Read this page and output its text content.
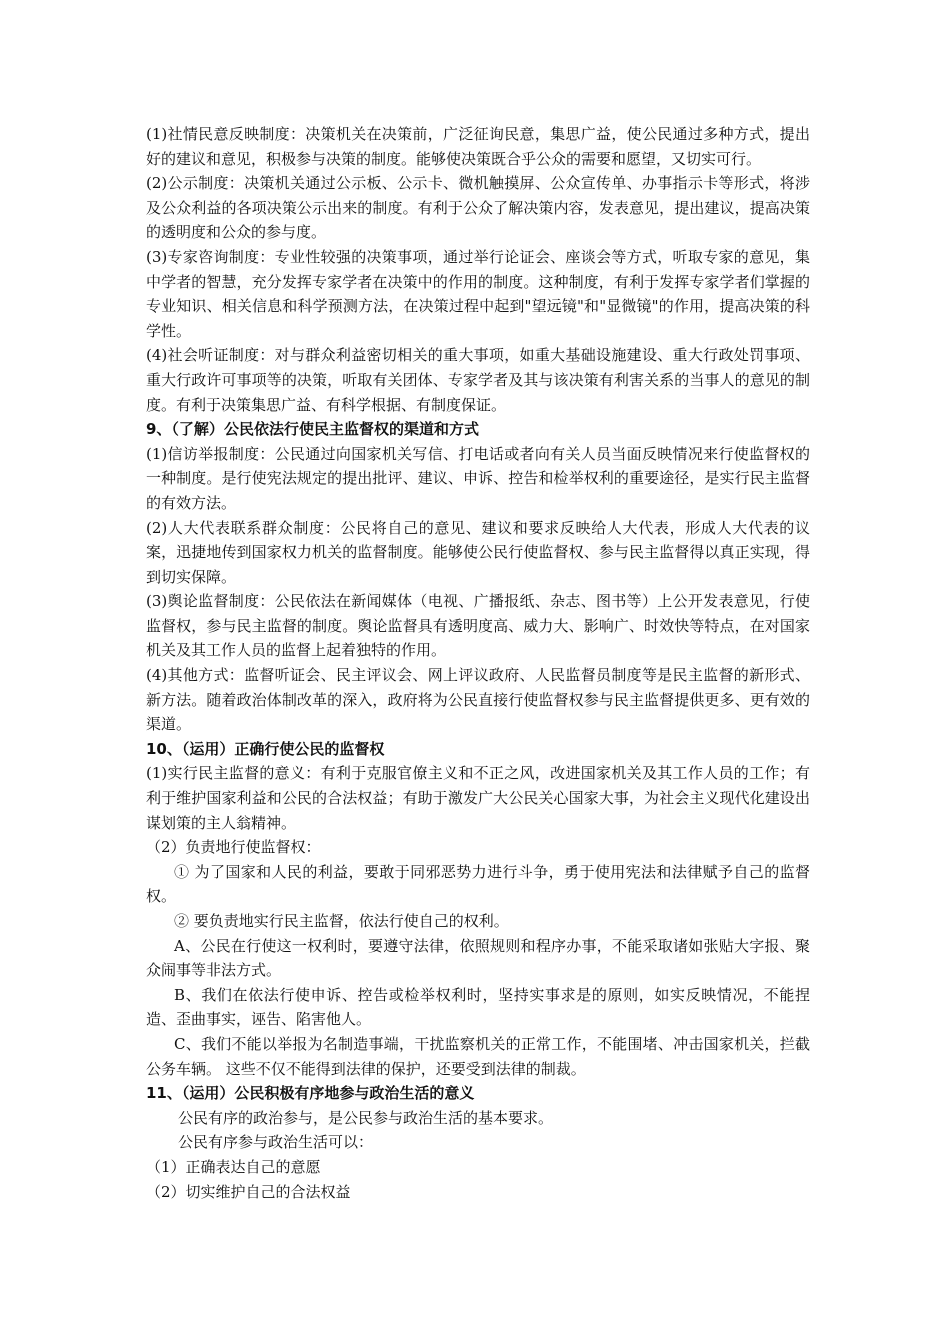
(1)社情民意反映制度：决策机关在决策前，广泛征询民意，集思广益，使公民通过多种方式，提出好的建议和意见，积极参与决策的制度。能够使决策既合乎公众的需要和愿望，又切实可行。

(2)公示制度：决策机关通过公示板、公示卡、微机触摸屏、公众宣传单、办事指示卡等形式，将涉及公众利益的各项决策公示出来的制度。有利于公众了解决策内容，发表意见，提出建议，提高决策的透明度和公众的参与度。

(3)专家咨询制度：专业性较强的决策事项，通过举行论证会、座谈会等方式，听取专家的意见，集中学者的智慧，充分发挥专家学者在决策中的作用的制度。这种制度，有利于发挥专家学者们掌握的专业知识、相关信息和科学预测方法，在决策过程中起到"望远镜"和"显微镜"的作用，提高决策的科学性。

(4)社会听证制度：对与群众利益密切相关的重大事项，如重大基础设施建设、重大行政处罚事项、重大行政许可事项等的决策，听取有关团体、专家学者及其与该决策有利害关系的当事人的意见的制度。有利于决策集思广益、有科学根据、有制度保证。

9、（了解）公民依法行使民主监督权的渠道和方式

(1)信访举报制度：公民通过向国家机关写信、打电话或者向有关人员当面反映情况来行使监督权的一种制度。是行使宪法规定的提出批评、建议、申诉、控告和检举权利的重要途径，是实行民主监督的有效方法。

(2)人大代表联系群众制度：公民将自己的意见、建议和要求反映给人大代表，形成人大代表的议案，迅捷地传到国家权力机关的监督制度。能够使公民行使监督权、参与民主监督得以真正实现，得到切实保障。

(3)舆论监督制度：公民依法在新闻媒体（电视、广播报纸、杂志、图书等）上公开发表意见，行使监督权，参与民主监督的制度。舆论监督具有透明度高、威力大、影响广、时效快等特点，在对国家机关及其工作人员的监督上起着独特的作用。

(4)其他方式：监督听证会、民主评议会、网上评议政府、人民监督员制度等是民主监督的新形式、新方法。随着政治体制改革的深入，政府将为公民直接行使监督权参与民主监督提供更多、更有效的渠道。

10、（运用）正确行使公民的监督权

(1)实行民主监督的意义：有利于克服官僚主义和不正之风，改进国家机关及其工作人员的工作；有利于维护国家利益和公民的合法权益；有助于激发广大公民关心国家大事，为社会主义现代化建设出谋划策的主人翁精神。

（2）负责地行使监督权：

① 为了国家和人民的利益，要敢于同邪恶势力进行斗争，勇于使用宪法和法律赋予自己的监督权。

② 要负责地实行民主监督，依法行使自己的权利。

A、公民在行使这一权利时，要遵守法律，依照规则和程序办事，不能采取诸如张贴大字报、聚众闹事等非法方式。

B、我们在依法行使申诉、控告或检举权利时，坚持实事求是的原则，如实反映情况，不能捏造、歪曲事实，诬告、陷害他人。

C、我们不能以举报为名制造事端，干扰监察机关的正常工作，不能围堵、冲击国家机关，拦截公务车辆。 这些不仅不能得到法律的保护，还要受到法律的制裁。

11、（运用）公民积极有序地参与政治生活的意义

公民有序的政治参与，是公民参与政治生活的基本要求。

公民有序参与政治生活可以：

（1）正确表达自己的意愿

（2）切实维护自己的合法权益
